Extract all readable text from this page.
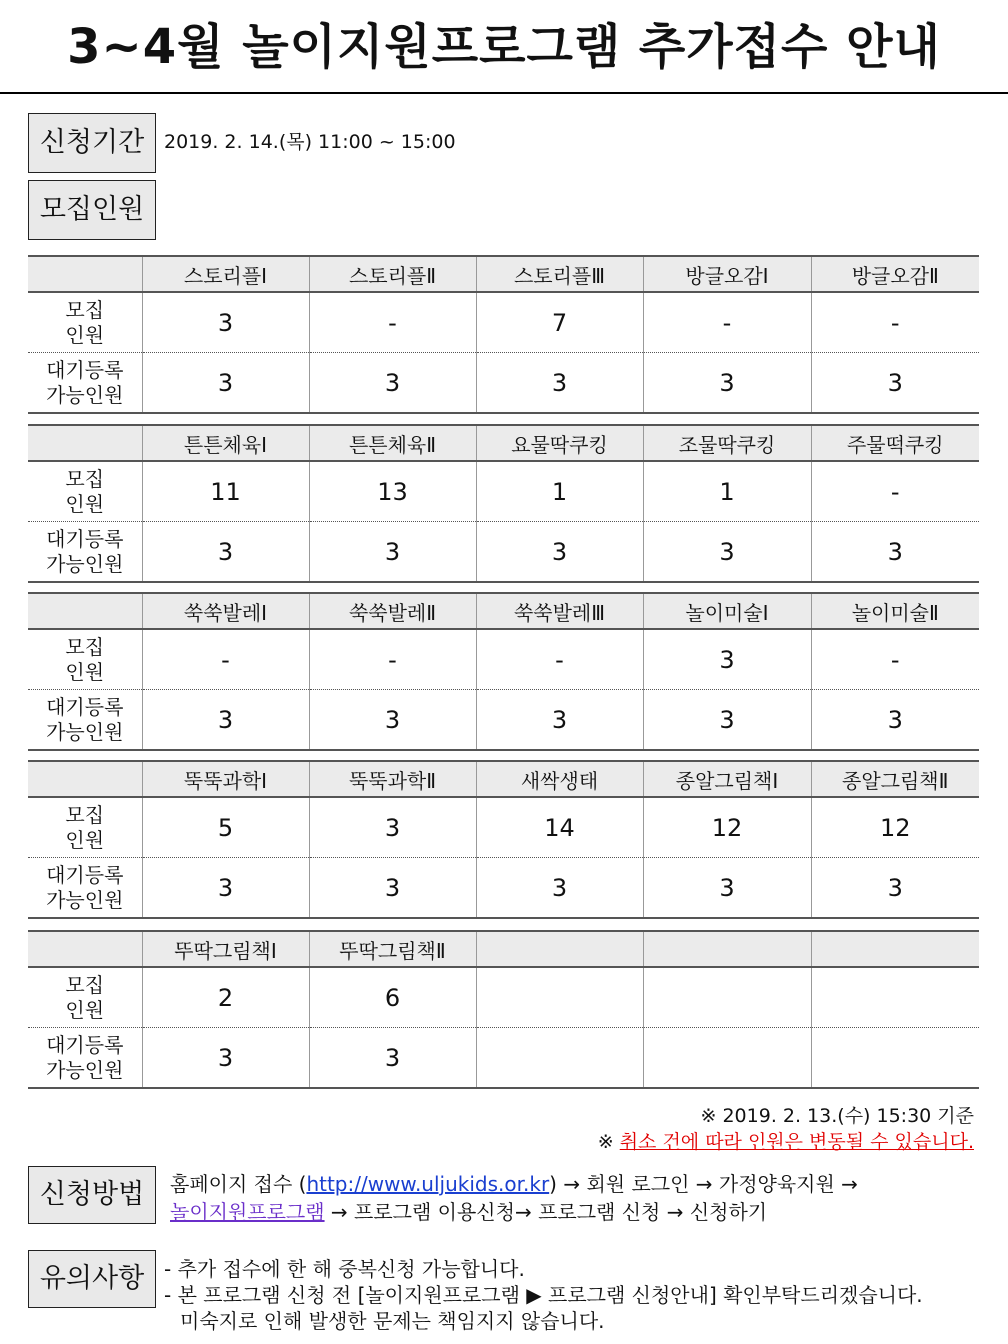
3~4월 놀이지원프로그램 추가접수 안내
신청기간	2019. 2. 14.(목) 11:00 ~ 15:00
모집인원
	스토리플Ⅰ	스토리플Ⅱ	스토리플Ⅲ	방글오감Ⅰ	방글오감Ⅱ
모집
인원	3	-	7	-	-
대기등록
가능인원	3	3	3	3	3
	튼튼체육Ⅰ	튼튼체육Ⅱ	요물딱쿠킹	조물딱쿠킹	주물떡쿠킹
모집
인원	11	13	1	1	-
대기등록
가능인원	3	3	3	3	3
	쑥쑥발레Ⅰ	쑥쑥발레Ⅱ	쑥쑥발레Ⅲ	놀이미술Ⅰ	놀이미술Ⅱ
모집
인원	-	-	-	3	-
대기등록
가능인원	3	3	3	3	3
	뚝뚝과학Ⅰ	뚝뚝과학Ⅱ	새싹생태	종알그림책Ⅰ	종알그림책Ⅱ
모집
인원	5	3	14	12	12
대기등록
가능인원	3	3	3	3	3
	뚜딱그림책Ⅰ	뚜딱그림책Ⅱ			
모집
인원	2	6			
대기등록
가능인원	3	3			
※ 2019. 2. 13.(수) 15:30 기준
※ 취소 건에 따라 인원은 변동될 수 있습니다.
신청방법	홈페이지 접수 (http://www.uljukids.or.kr) → 회원 로그인 → 가정양육지원 →
놀이지원프로그램 → 프로그램 이용신청→ 프로그램 신청 → 신청하기
유의사항 - 추가 접수에 한 해 중복신청 가능합니다.
- 본 프로그램 신청 전 [놀이지원프로그램 ▶ 프로그램 신청안내] 확인부탁드리겠습니다.
미숙지로 인해 발생한 문제는 책임지지 않습니다.
